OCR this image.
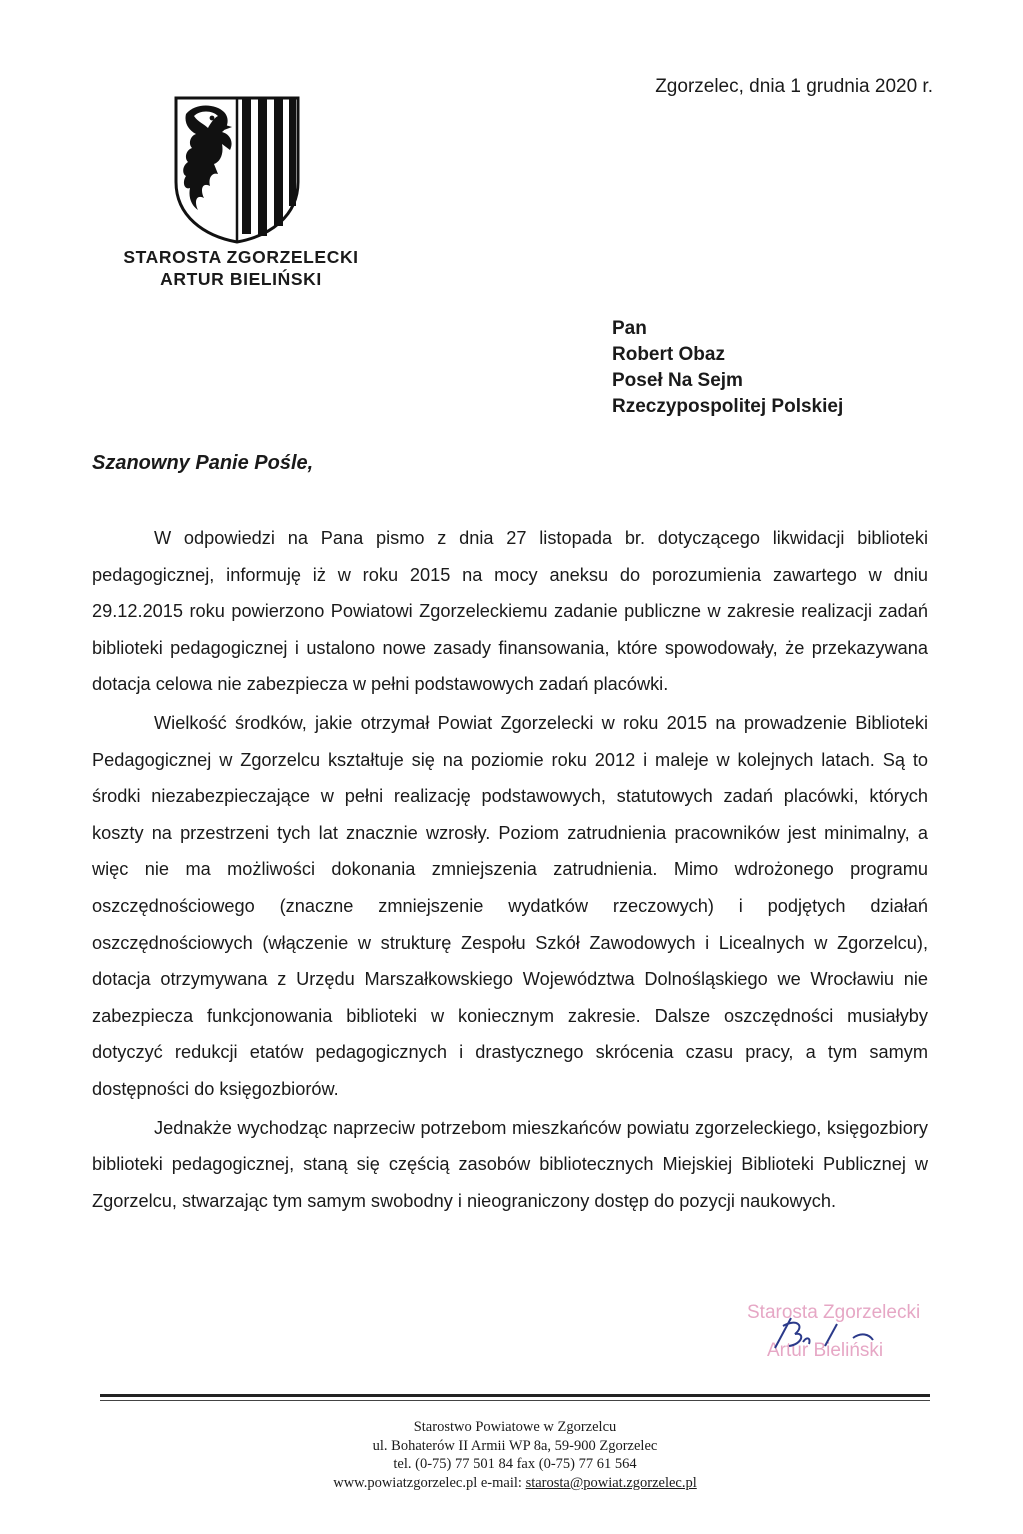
Zgorzelec, dnia 1 grudnia 2020 r.
STAROSTA ZGORZELECKI
ARTUR BIELIŃSKI
Pan
Robert Obaz
Poseł Na Sejm
Rzeczypospolitej Polskiej
Szanowny Panie Pośle,

W odpowiedzi na Pana pismo z dnia 27 listopada br. dotyczącego likwidacji biblioteki pedagogicznej, informuję iż w roku 2015 na mocy aneksu do porozumienia zawartego w dniu 29.12.2015 roku powierzono Powiatowi Zgorzeleckiemu zadanie publiczne w zakresie realizacji zadań biblioteki pedagogicznej i ustalono nowe zasady finansowania, które spowodowały, że przekazywana dotacja celowa nie zabezpiecza w pełni podstawowych zadań placówki.

Wielkość środków, jakie otrzymał Powiat Zgorzelecki w roku 2015 na prowadzenie Biblioteki Pedagogicznej w Zgorzelcu kształtuje się na poziomie roku 2012 i maleje w kolejnych latach. Są to środki niezabezpieczające w pełni realizację podstawowych, statutowych zadań placówki, których koszty na przestrzeni tych lat znacznie wzrosły. Poziom zatrudnienia pracowników jest minimalny, a więc nie ma możliwości dokonania zmniejszenia zatrudnienia. Mimo wdrożonego programu oszczędnościowego (znaczne zmniejszenie wydatków rzeczowych) i podjętych działań oszczędnościowych (włączenie w strukturę Zespołu Szkół Zawodowych i Licealnych w Zgorzelcu), dotacja otrzymywana z Urzędu Marszałkowskiego Województwa Dolnośląskiego we Wrocławiu nie zabezpiecza funkcjonowania biblioteki w koniecznym zakresie. Dalsze oszczędności musiałyby dotyczyć redukcji etatów pedagogicznych i drastycznego skrócenia czasu pracy, a tym samym dostępności do księgozbiorów.

Jednakże wychodząc naprzeciw potrzebom mieszkańców powiatu zgorzeleckiego, księgozbiory biblioteki pedagogicznej, staną się częścią zasobów bibliotecznych Miejskiej Biblioteki Publicznej w Zgorzelcu, stwarzając tym samym swobodny i nieograniczony dostęp do pozycji naukowych.

Starosta Zgorzelecki
Artur Bieliński
Starostwo Powiatowe w Zgorzelcu
ul. Bohaterów II Armii WP 8a, 59-900 Zgorzelec
tel. (0-75) 77 501 84 fax (0-75) 77 61 564
www.powiatzgorzelec.pl e-mail: starosta@powiat.zgorzelec.pl
